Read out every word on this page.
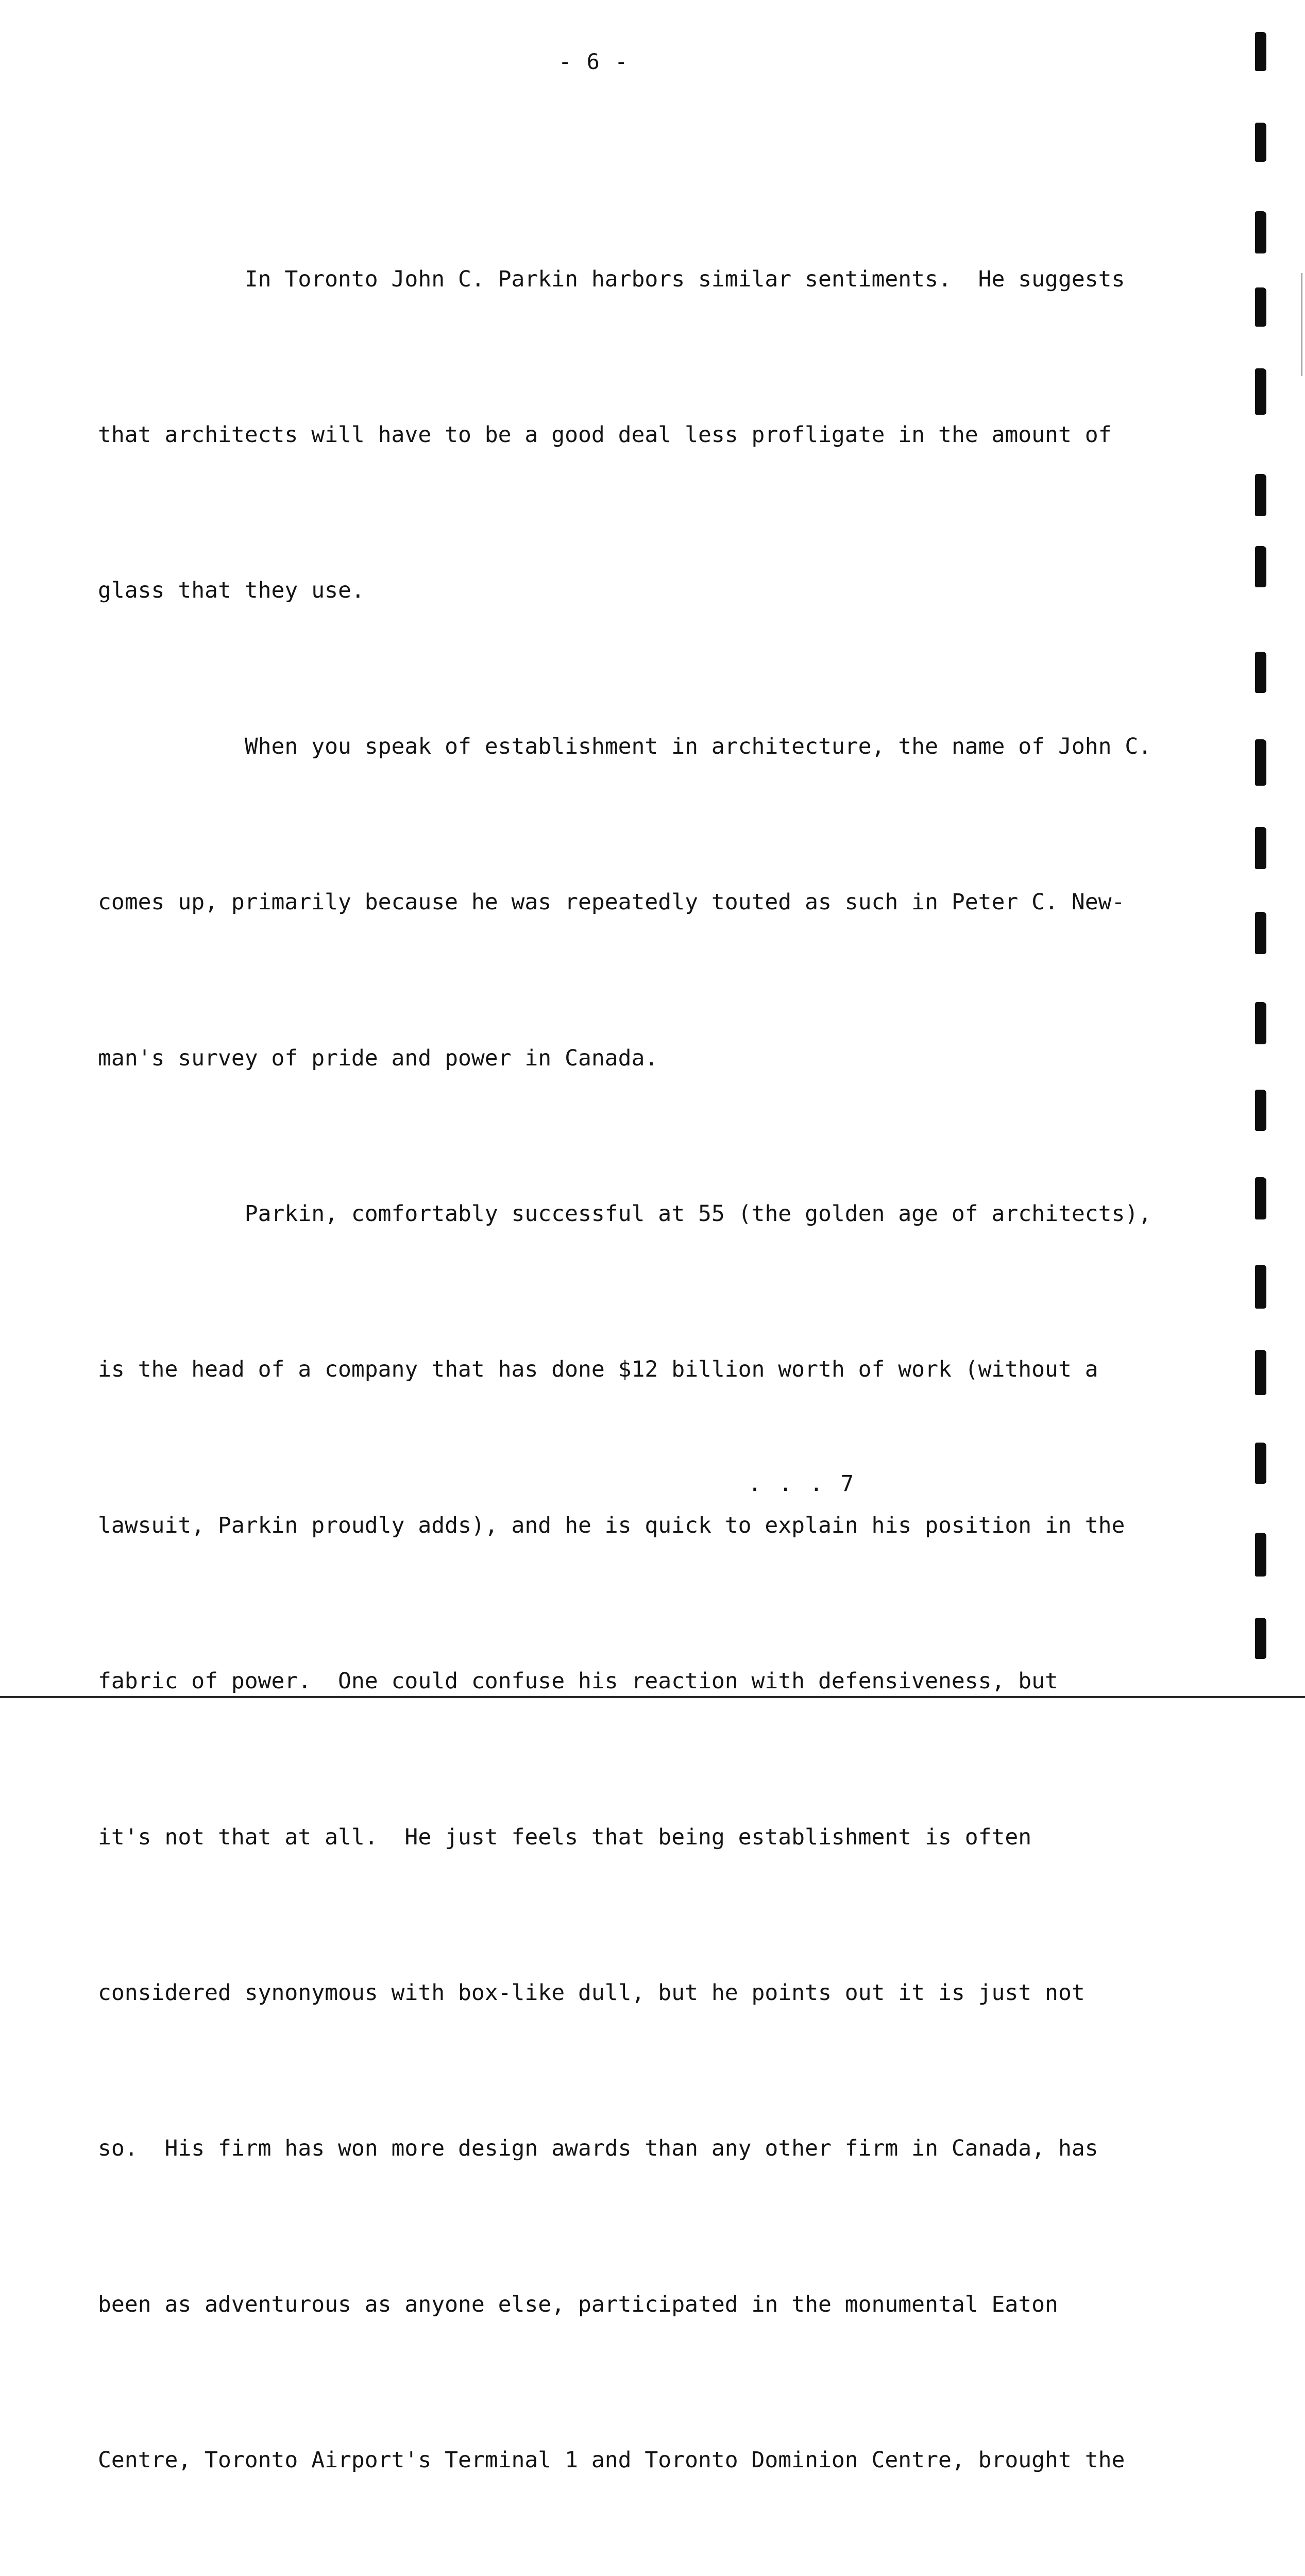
- 6 -

In Toronto John C. Parkin harbors similar sentiments.  He suggests

that architects will have to be a good deal less profligate in the amount of

glass that they use.

When you speak of establishment in architecture, the name of John C.

comes up, primarily because he was repeatedly touted as such in Peter C. New-

man's survey of pride and power in Canada.

Parkin, comfortably successful at 55 (the golden age of architects),

is the head of a company that has done $12 billion worth of work (without a

lawsuit, Parkin proudly adds), and he is quick to explain his position in the

fabric of power.  One could confuse his reaction with defensiveness, but

it's not that at all.  He just feels that being establishment is often

considered synonymous with box-like dull, but he points out it is just not

so.  His firm has won more design awards than any other firm in Canada, has

been as adventurous as anyone else, participated in the monumental Eaton

Centre, Toronto Airport's Terminal 1 and Toronto Dominion Centre, brought the

. . . 7
